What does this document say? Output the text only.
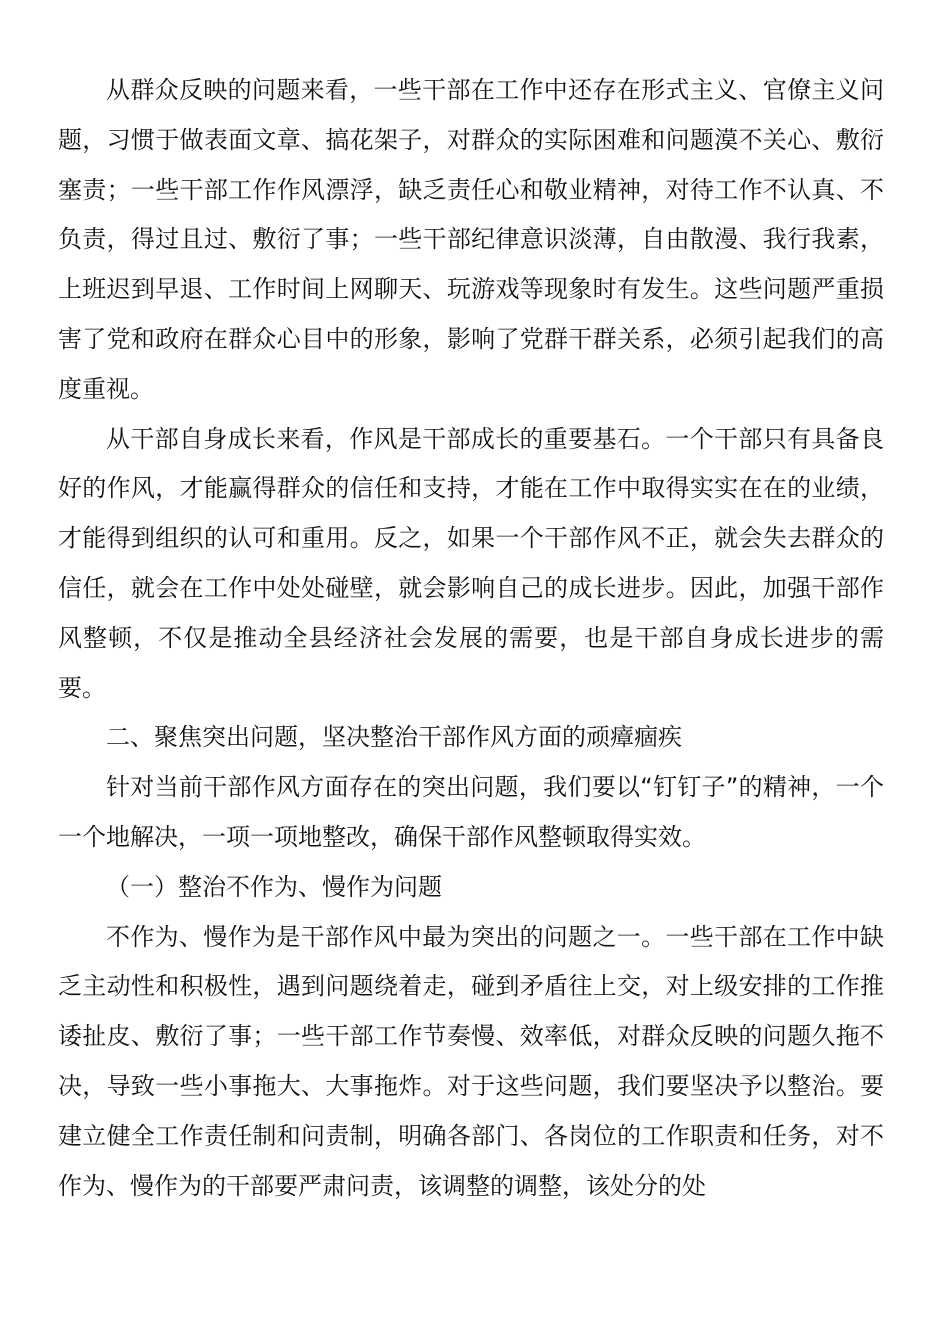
从群众反映的问题来看，一些干部在工作中还存在形式主义、官僚主义问题，习惯于做表面文章、搞花架子，对群众的实际困难和问题漠不关心、敷衍塞责；一些干部工作作风漂浮，缺乏责任心和敬业精神，对待工作不认真、不负责，得过且过、敷衍了事；一些干部纪律意识淡薄，自由散漫、我行我素，上班迟到早退、工作时间上网聊天、玩游戏等现象时有发生。这些问题严重损害了党和政府在群众心目中的形象，影响了党群干群关系，必须引起我们的高度重视。

从干部自身成长来看，作风是干部成长的重要基石。一个干部只有具备良好的作风，才能赢得群众的信任和支持，才能在工作中取得实实在在的业绩，才能得到组织的认可和重用。反之，如果一个干部作风不正，就会失去群众的信任，就会在工作中处处碰壁，就会影响自己的成长进步。因此，加强干部作风整顿，不仅是推动全县经济社会发展的需要，也是干部自身成长进步的需要。

二、聚焦突出问题，坚决整治干部作风方面的顽瘴痼疾

针对当前干部作风方面存在的突出问题，我们要以“钉钉子”的精神，一个一个地解决，一项一项地整改，确保干部作风整顿取得实效。

（一）整治不作为、慢作为问题

不作为、慢作为是干部作风中最为突出的问题之一。一些干部在工作中缺乏主动性和积极性，遇到问题绕着走，碰到矛盾往上交，对上级安排的工作推诿扯皮、敷衍了事；一些干部工作节奏慢、效率低，对群众反映的问题久拖不决，导致一些小事拖大、大事拖炸。对于这些问题，我们要坚决予以整治。要建立健全工作责任制和问责制，明确各部门、各岗位的工作职责和任务，对不作为、慢作为的干部要严肃问责，该调整的调整，该处分的处
